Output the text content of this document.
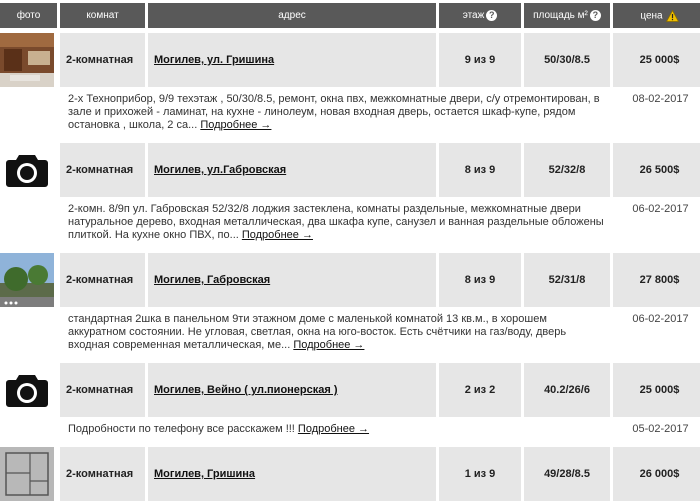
фото	комнат	адрес	этаж ?	площадь м² ?	цена

	2-комнатная	Могилев, ул. Гришина	9 из 9	50/30/8.5	25 000$
	2-х Технoприбор, 9/9 техэтаж , 50/30/8.5, ремонт, окна пвх, межкомнатные двери, с/у отремонтирован, в зале и прихожей - ламинат, на кухне - линолеум, новая входная дверь, остается шкаф-купе, рядом остановка , школа, 2 са... Подробнее →				08-02-2017

	2-комнатная	Могилев, ул.Габровская	8 из 9	52/32/8	26 500$
	2-комн. 8/9п ул. Габровская 52/32/8 лоджия застеклена, комнаты раздельные, межкомнатные двери натуральное дерево, входная металлическая, два шкафа купе, санузел и ванная раздельные обложены плиткой. На кухне окно ПВХ, по... Подробнее →				06-02-2017

	2-комнатная	Могилев, Габровская	8 из 9	52/31/8	27 800$
	стандартная 2шка в панельном 9ти этажном доме с маленькой комнатой 13 кв.м., в хорошем аккуратном состоянии. Не угловая, светлая, окна на юго-восток. Есть счётчики на газ/воду, дверь входная современная металлическая, ме... Подробнее →				06-02-2017

	2-комнатная	Могилев, Вейно ( ул.пионерская )	2 из 2	40.2/26/6	25 000$
	Подробности по телефону все расскажем !!! Подробнее →				05-02-2017

	2-комнатная	Могилев, Гришина	1 из 9	49/28/8.5	26 000$
